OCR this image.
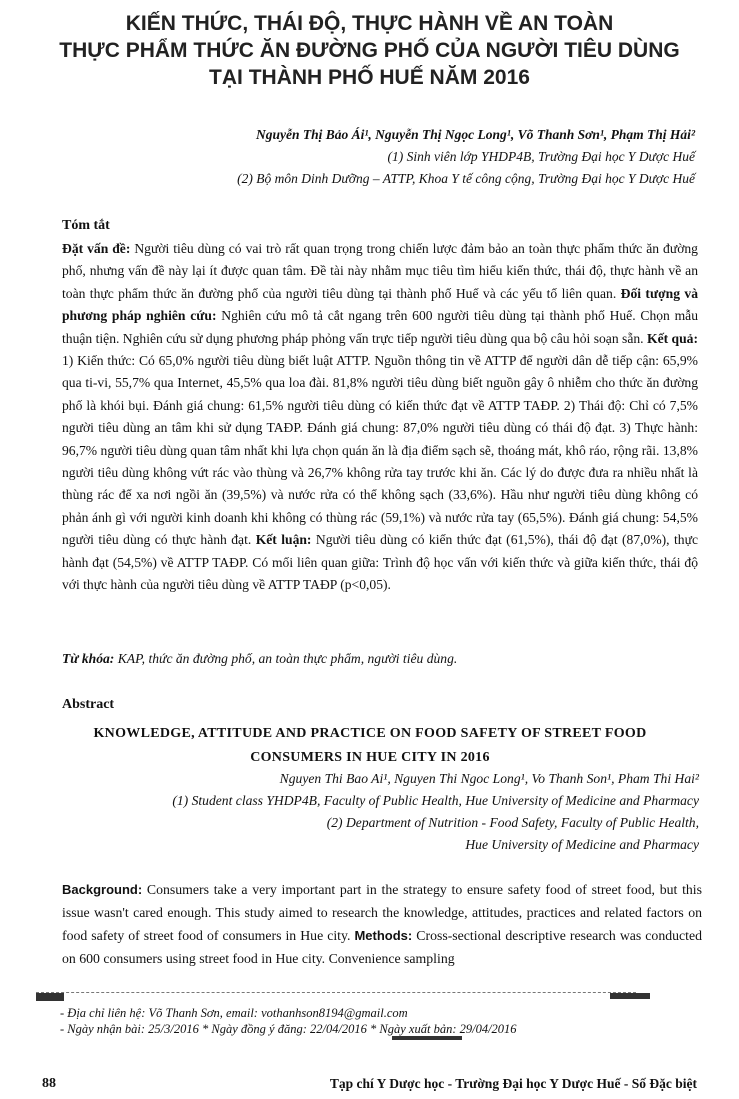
KIẾN THỨC, THÁI ĐỘ, THỰC HÀNH VỀ AN TOÀN
THỰC PHẨM THỨC ĂN ĐƯỜNG PHỐ CỦA NGƯỜI TIÊU DÙNG
TẠI THÀNH PHỐ HUẾ NĂM 2016
Nguyễn Thị Bảo Ái¹, Nguyễn Thị Ngọc Long¹, Võ Thanh Sơn¹, Phạm Thị Hải²
(1) Sinh viên lớp YHDP4B, Trường Đại học Y Dược Huế
(2) Bộ môn Dinh Dưỡng – ATTP, Khoa Y tế công cộng, Trường Đại học Y Dược Huế
Tóm tắt
Đặt vấn đề: Người tiêu dùng có vai trò rất quan trọng trong chiến lược đảm bảo an toàn thực phẩm thức ăn đường phố, nhưng vấn đề này lại ít được quan tâm. Đề tài này nhằm mục tiêu tìm hiểu kiến thức, thái độ, thực hành về an toàn thực phẩm thức ăn đường phố của người tiêu dùng tại thành phố Huế và các yếu tố liên quan. Đối tượng và phương pháp nghiên cứu: Nghiên cứu mô tả cắt ngang trên 600 người tiêu dùng tại thành phố Huế. Chọn mẫu thuận tiện. Nghiên cứu sử dụng phương pháp phỏng vấn trực tiếp người tiêu dùng qua bộ câu hỏi soạn sẵn. Kết quả: 1) Kiến thức: Có 65,0% người tiêu dùng biết luật ATTP. Nguồn thông tin về ATTP để người dân dễ tiếp cận: 65,9% qua ti-vi, 55,7% qua Internet, 45,5% qua loa đài. 81,8% người tiêu dùng biết nguồn gây ô nhiễm cho thức ăn đường phố là khói bụi. Đánh giá chung: 61,5% người tiêu dùng có kiến thức đạt về ATTP TAĐP. 2) Thái độ: Chỉ có 7,5% người tiêu dùng an tâm khi sử dụng TAĐP. Đánh giá chung: 87,0% người tiêu dùng có thái độ đạt. 3) Thực hành: 96,7% người tiêu dùng quan tâm nhất khi lựa chọn quán ăn là địa điểm sạch sẽ, thoáng mát, khô ráo, rộng rãi. 13,8% người tiêu dùng không vứt rác vào thùng và 26,7% không rửa tay trước khi ăn. Các lý do được đưa ra nhiều nhất là thùng rác để xa nơi ngồi ăn (39,5%) và nước rửa có thể không sạch (33,6%). Hầu như người tiêu dùng không có phản ánh gì với người kinh doanh khi không có thùng rác (59,1%) và nước rửa tay (65,5%). Đánh giá chung: 54,5% người tiêu dùng có thực hành đạt. Kết luận: Người tiêu dùng có kiến thức đạt (61,5%), thái độ đạt (87,0%), thực hành đạt (54,5%) về ATTP TAĐP. Có mối liên quan giữa: Trình độ học vấn với kiến thức và giữa kiến thức, thái độ với thực hành của người tiêu dùng về ATTP TAĐP (p<0,05).
Từ khóa: KAP, thức ăn đường phố, an toàn thực phẩm, người tiêu dùng.
Abstract
KNOWLEDGE, ATTITUDE AND PRACTICE ON FOOD SAFETY OF STREET FOOD
CONSUMERS IN HUE CITY IN 2016
Nguyen Thi Bao Ai¹, Nguyen Thi Ngoc Long¹, Vo Thanh Son¹, Pham Thi Hai²
(1) Student class YHDP4B, Faculty of Public Health, Hue University of Medicine and Pharmacy
(2) Department of Nutrition - Food Safety, Faculty of Public Health,
Hue University of Medicine and Pharmacy
Background: Consumers take a very important part in the strategy to ensure safety food of street food, but this issue wasn't cared enough. This study aimed to research the knowledge, attitudes, practices and related factors on food safety of street food of consumers in Hue city. Methods: Cross-sectional descriptive research was conducted on 600 consumers using street food in Hue city. Convenience sampling
- Địa chỉ liên hệ: Võ Thanh Sơn, email: vothanhson8194@gmail.com
- Ngày nhận bài: 25/3/2016 * Ngày đồng ý đăng: 22/04/2016 * Ngày xuất bản: 29/04/2016
88	Tạp chí Y Dược học - Trường Đại học Y Dược Huế - Số Đặc biệt
